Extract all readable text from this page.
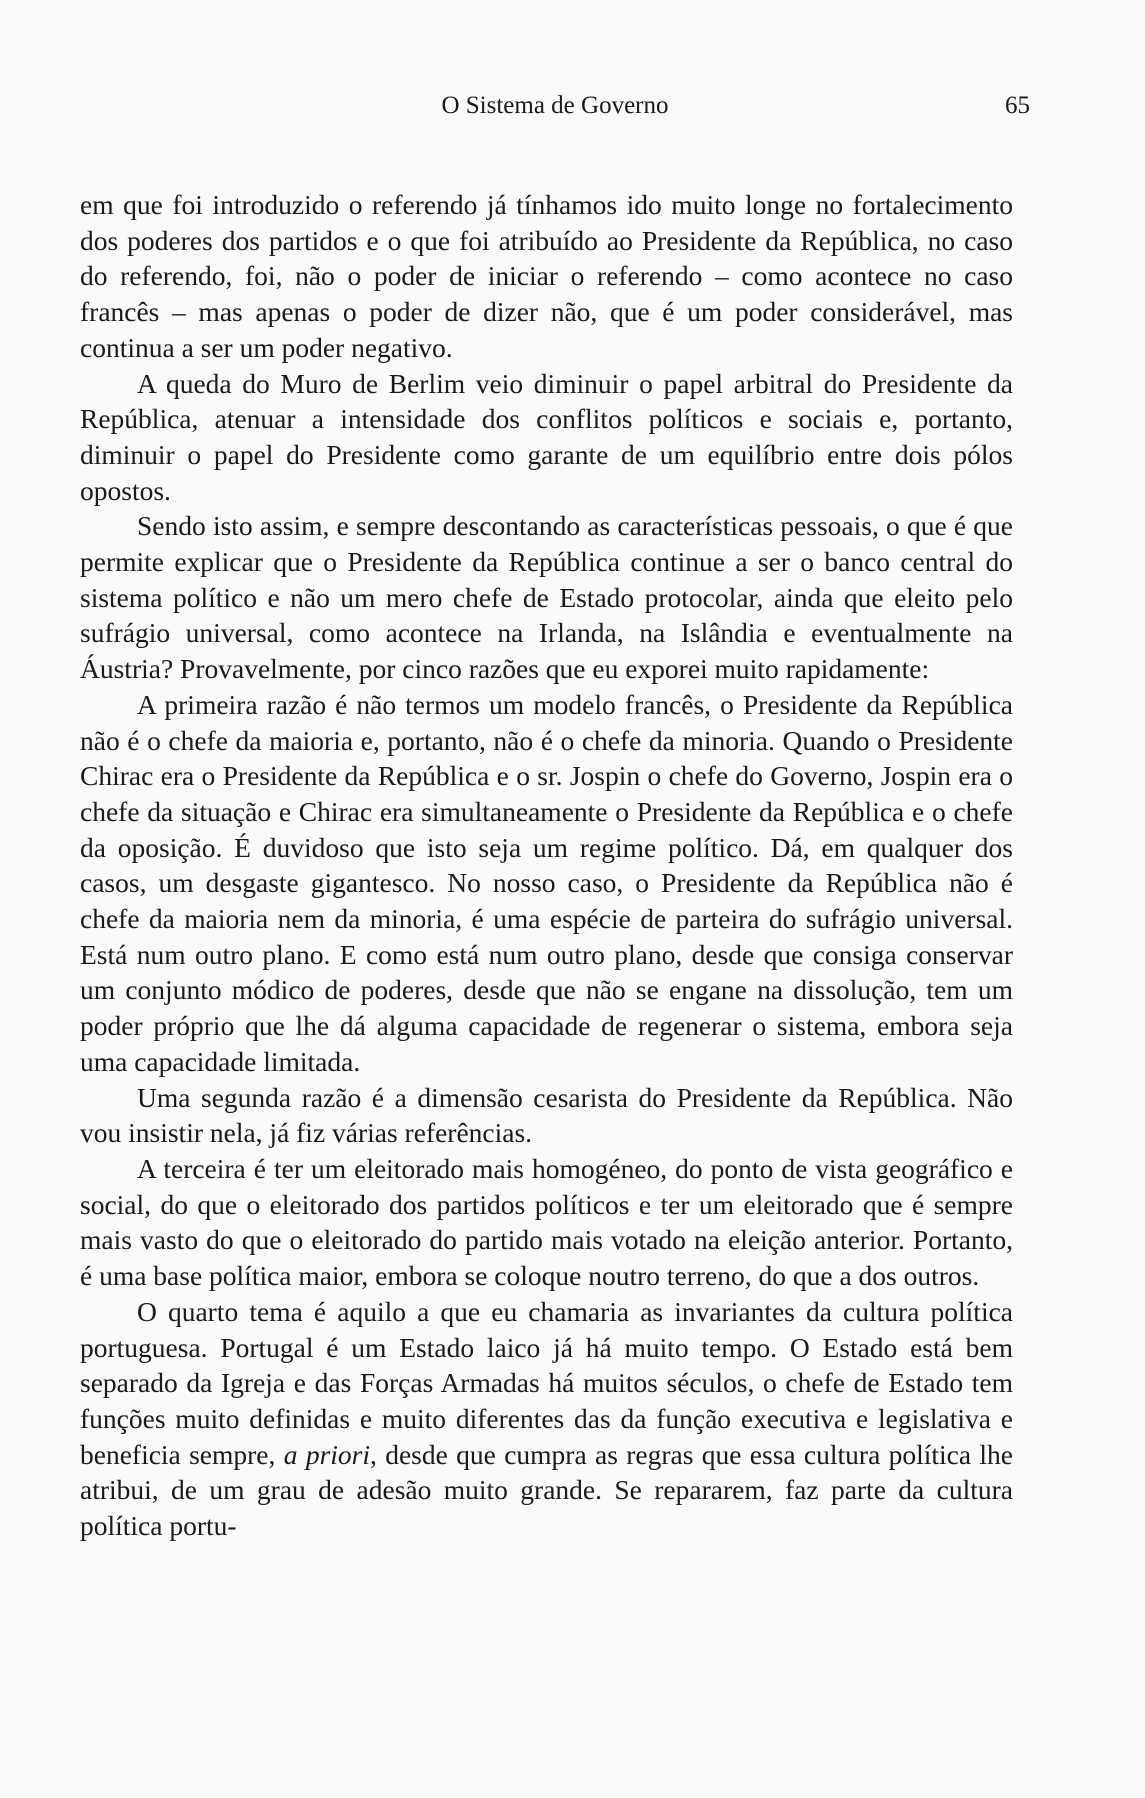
O Sistema de Governo	65

em que foi introduzido o referendo já tínhamos ido muito longe no fortalecimento dos poderes dos partidos e o que foi atribuído ao Presidente da República, no caso do referendo, foi, não o poder de iniciar o referendo – como acontece no caso francês – mas apenas o poder de dizer não, que é um poder considerável, mas continua a ser um poder negativo.

A queda do Muro de Berlim veio diminuir o papel arbitral do Presidente da República, atenuar a intensidade dos conflitos políticos e sociais e, portanto, diminuir o papel do Presidente como garante de um equilíbrio entre dois pólos opostos.

Sendo isto assim, e sempre descontando as características pessoais, o que é que permite explicar que o Presidente da República continue a ser o banco central do sistema político e não um mero chefe de Estado protocolar, ainda que eleito pelo sufrágio universal, como acontece na Irlanda, na Islândia e eventualmente na Áustria? Provavelmente, por cinco razões que eu exporei muito rapidamente:

A primeira razão é não termos um modelo francês, o Presidente da República não é o chefe da maioria e, portanto, não é o chefe da minoria. Quando o Presidente Chirac era o Presidente da República e o sr. Jospin o chefe do Governo, Jospin era o chefe da situação e Chirac era simultaneamente o Presidente da República e o chefe da oposição. É duvidoso que isto seja um regime político. Dá, em qualquer dos casos, um desgaste gigantesco. No nosso caso, o Presidente da República não é chefe da maioria nem da minoria, é uma espécie de parteira do sufrágio universal. Está num outro plano. E como está num outro plano, desde que consiga conservar um conjunto módico de poderes, desde que não se engane na dissolução, tem um poder próprio que lhe dá alguma capacidade de regenerar o sistema, embora seja uma capacidade limitada.

Uma segunda razão é a dimensão cesarista do Presidente da República. Não vou insistir nela, já fiz várias referências.

A terceira é ter um eleitorado mais homogéneo, do ponto de vista geográfico e social, do que o eleitorado dos partidos políticos e ter um eleitorado que é sempre mais vasto do que o eleitorado do partido mais votado na eleição anterior. Portanto, é uma base política maior, embora se coloque noutro terreno, do que a dos outros.

O quarto tema é aquilo a que eu chamaria as invariantes da cultura política portuguesa. Portugal é um Estado laico já há muito tempo. O Estado está bem separado da Igreja e das Forças Armadas há muitos séculos, o chefe de Estado tem funções muito definidas e muito diferentes das da função executiva e legislativa e beneficia sempre, a priori, desde que cumpra as regras que essa cultura política lhe atribui, de um grau de adesão muito grande. Se repararem, faz parte da cultura política portu-
